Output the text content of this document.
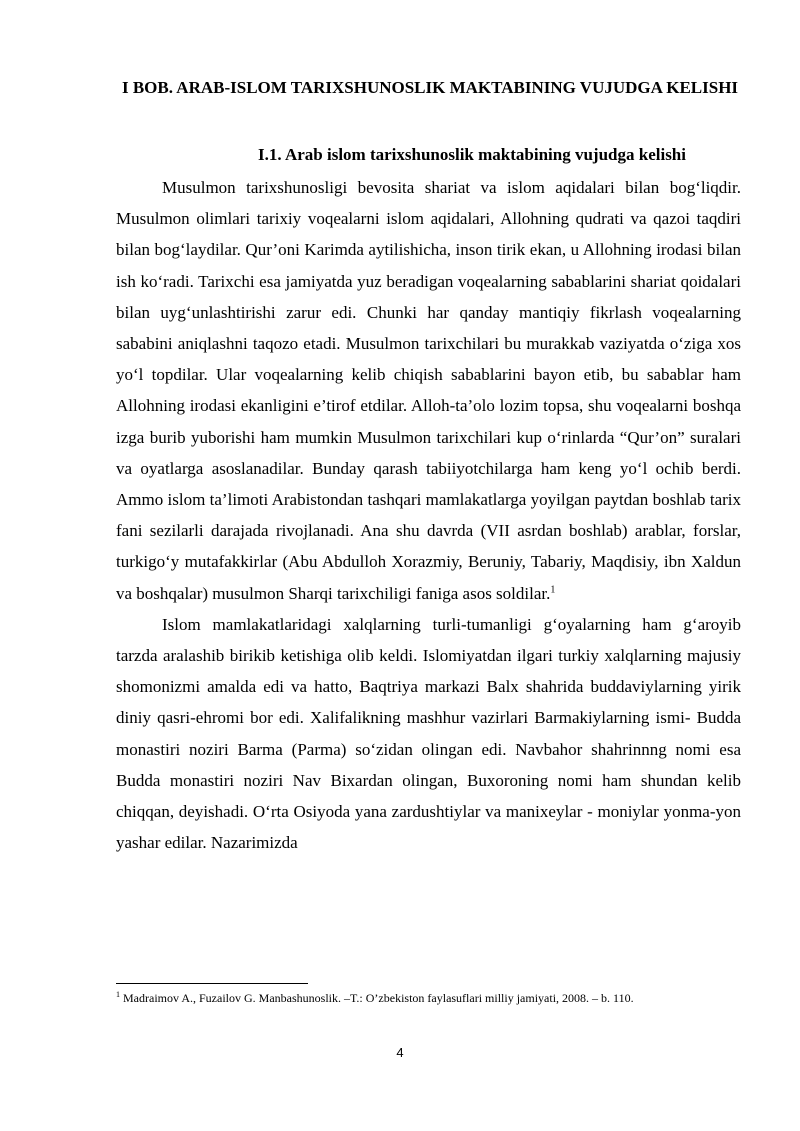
I BOB. ARAB-ISLOM TARIXSHUNOSLIK MAKTABINING VUJUDGA KELISHI
I.1. Arab islom tarixshunoslik maktabining vujudga kelishi

Musulmon tarixshunosligi bevosita shariat va islom aqidalari bilan bog‘liqdir. Musulmon olimlari tarixiy voqealarni islom aqidalari, Allohning qudrati va qazoi taqdiri bilan bog‘laydilar. Qur’oni Karimda aytilishicha, inson tirik ekan, u Allohning irodasi bilan ish ko‘radi. Tarixchi esa jamiyatda yuz beradigan voqealarning sabablarini shariat qoidalari bilan uyg‘unlashtirishi zarur edi. Chunki har qanday mantiqiy fikrlash voqealarning sababini aniqlashni taqozo etadi. Musulmon tarixchilari bu murakkab vaziyatda o‘ziga xos yo‘l topdilar. Ular voqealarning kelib chiqish sabablarini bayon etib, bu sabablar ham Allohning irodasi ekanligini e’tirof etdilar. Alloh-ta’olo lozim topsa, shu voqealarni boshqa izga burib yuborishi ham mumkin Musulmon tarixchilari kup o‘rinlarda “Qur’on” suralari va oyatlarga asoslanadilar. Bunday qarash tabiiyotchilarga ham keng yo‘l ochib berdi. Ammo islom ta’limoti Arabistondan tashqari mamlakatlarga yoyilgan paytdan boshlab tarix fani sezilarli darajada rivojlanadi. Ana shu davrda (VII asrdan boshlab) arablar, forslar, turkigo‘y mutafakkirlar (Abu Abdulloh Xorazmiy, Beruniy, Tabariy, Maqdisiy, ibn Xaldun va boshqalar) musulmon Sharqi tarixchiligi faniga asos soldilar.$^1$

Islom mamlakatlaridagi xalqlarning turli-tumanligi g‘oyalarning ham g‘aroyib tarzda aralashib birikib ketishiga olib keldi. Islomiyatdan ilgari turkiy xalqlarning majusiy shomonizmi amalda edi va hatto, Baqtriya markazi Balx shahrida buddaviylarning yirik diniy qasri-ehromi bor edi. Xalifalikning mashhur vazirlari Barmakiylarning ismi- Budda monastiri noziri Barma (Parma) so‘zidan olingan edi. Navbahor shahrinnng nomi esa Budda monastiri noziri Nav Bixardan olingan, Buxoroning nomi ham shundan kelib chiqqan, deyishadi. O‘rta Osiyoda yana zardushtiylar va manixeylar - moniylar yonma-yon yashar edilar. Nazarimizda

$^1$ Madraimov A., Fuzailov G. Manbashunoslik. –T.: O’zbekiston faylasuflari milliy jamiyati, 2008. – b. 110.
4
